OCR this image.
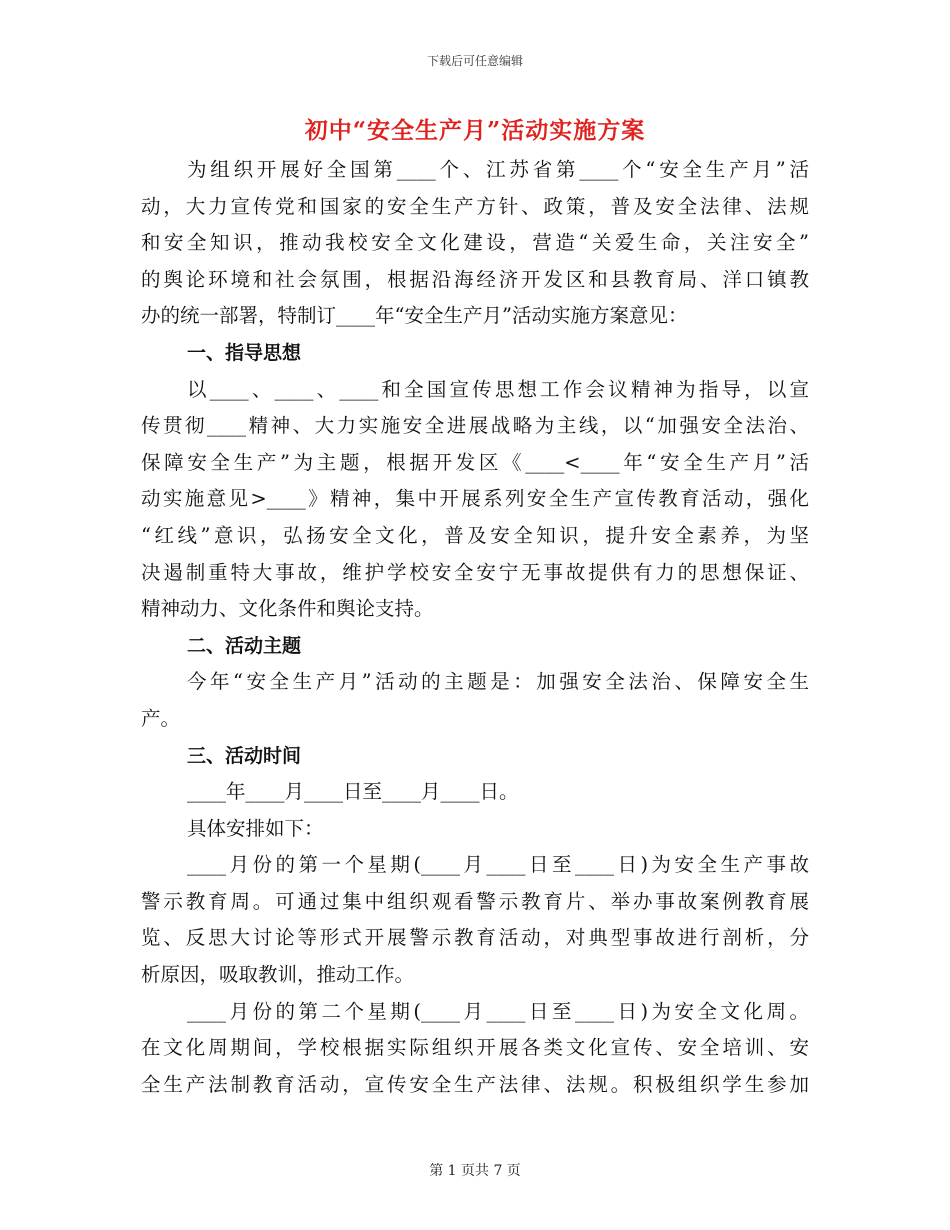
下载后可任意编辑
初中“安全生产月”活动实施方案
为组织开展好全国第____个、江苏省第____个“安全生产月”活
动，大力宣传党和国家的安全生产方针、政策，普及安全法律、法规
和安全知识，推动我校安全文化建设，营造“关爱生命，关注安全”
的舆论环境和社会氛围，根据沿海经济开发区和县教育局、洋口镇教
办的统一部署，特制订____年“安全生产月”活动实施方案意见：
一、指导思想
以____、____、____和全国宣传思想工作会议精神为指导，以宣
传贯彻____精神、大力实施安全进展战略为主线，以“加强安全法治、
保障安全生产”为主题，根据开发区《____<____年“安全生产月”活
动实施意见>____》精神，集中开展系列安全生产宣传教育活动，强化
“红线”意识，弘扬安全文化，普及安全知识，提升安全素养，为坚
决遏制重特大事故，维护学校安全安宁无事故提供有力的思想保证、
精神动力、文化条件和舆论支持。
二、活动主题
今年“安全生产月”活动的主题是：加强安全法治、保障安全生
产。
三、活动时间
____年____月____日至____月____日。
具体安排如下：
____月份的第一个星期(____月____日至____日)为安全生产事故
警示教育周。可通过集中组织观看警示教育片、举办事故案例教育展
览、反思大讨论等形式开展警示教育活动，对典型事故进行剖析，分
析原因，吸取教训，推动工作。
____月份的第二个星期(____月____日至____日)为安全文化周。
在文化周期间，学校根据实际组织开展各类文化宣传、安全培训、安
全生产法制教育活动，宣传安全生产法律、法规。积极组织学生参加
第 1 页共 7 页
